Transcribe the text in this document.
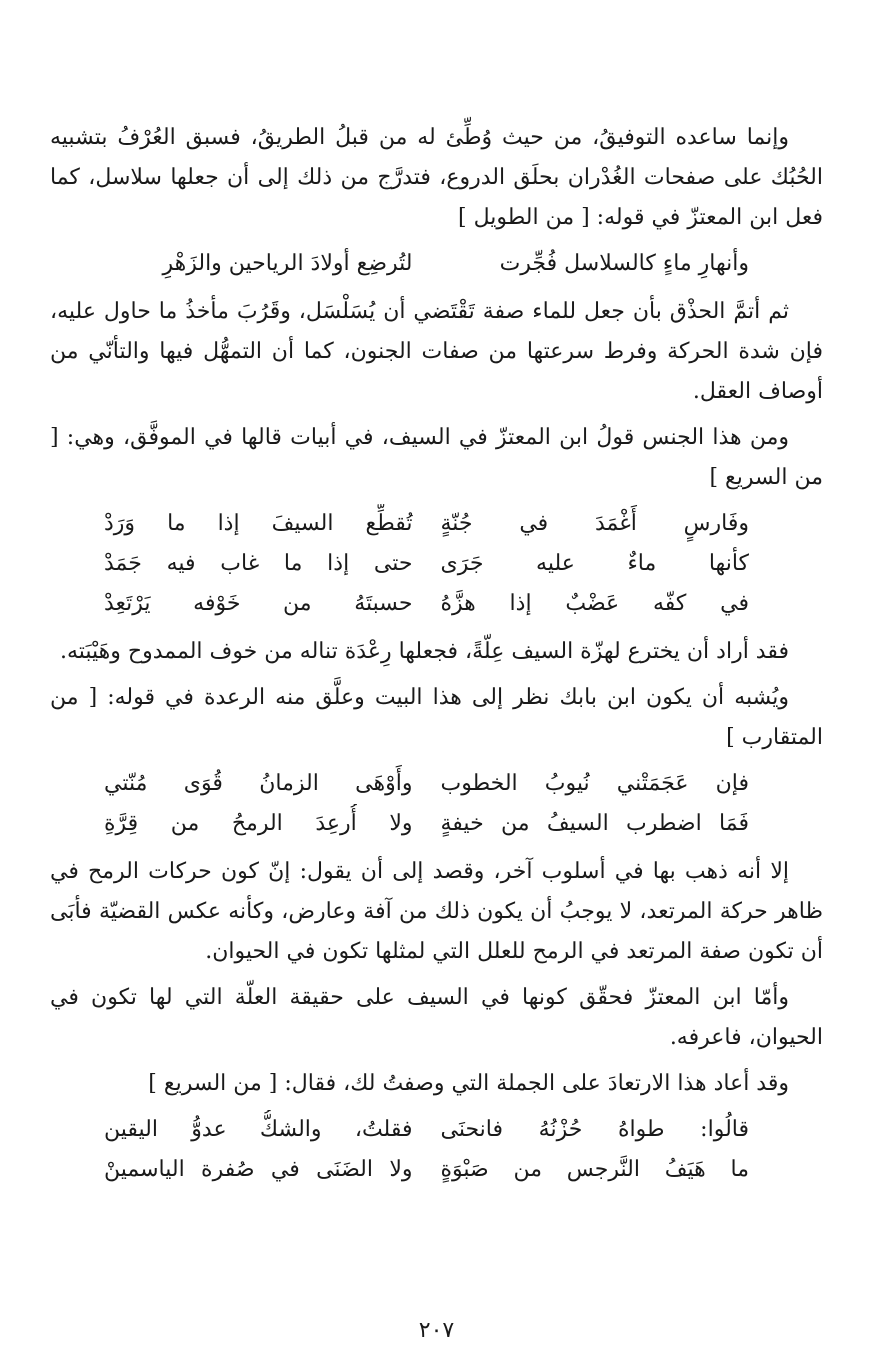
وإنما ساعده التوفيقُ، من حيث وُطِّئ له من قبلُ الطريقُ، فسبق العُرْفُ بتشبيه الحُبُك على صفحات الغُدْران بحلَق الدروع، فتدرَّج من ذلك إلى أن جعلها سلاسل، كما فعل ابن المعتزّ في قوله: [ من الطويل ]

وأنهارِ ماءٍ كالسلاسل فُجِّرت
لتُرضِع أولادَ الرياحين والزَهْرِ

ثم أتمَّ الحذْق بأن جعل للماء صفة تَقْتَضي أن يُسَلْسَل، وقَرُبَ مأخذُ ما حاول عليه، فإن شدة الحركة وفرط سرعتها من صفات الجنون، كما أن التمهُّل فيها والتأنّي من أوصاف العقل.

ومن هذا الجنس قولُ ابن المعتزّ في السيف، في أبيات قالها في الموفَّق، وهي: [ من السريع ]

وفَارسٍ أَغْمَدَ في جُنّةٍ
تُقطِّع السيفَ إذا ما وَرَدْ
كأنها ماءٌ عليه جَرَى
حتى إذا ما غاب فيه جَمَدْ
في كفّه عَضْبٌ إذا هزَّهُ
حسبتَهُ من خَوْفه يَرْتَعِدْ

فقد أراد أن يخترع لهزّة السيف عِلّةً، فجعلها رِعْدَة تناله من خوف الممدوح وهَيْبَته.

ويُشبه أن يكون ابن بابك نظر إلى هذا البيت وعلَّق منه الرعدة في قوله: [ من المتقارب ]

فإن عَجَمَتْني نُيوبُ الخطوب
وأَوْهَى الزمانُ قُوَى مُنّتي
فَمَا اضطرب السيفُ من خيفةٍ
ولا أُرعِدَ الرمحُ من قِرَّةِ

إلا أنه ذهب بها في أسلوب آخر، وقصد إلى أن يقول: إنّ كون حركات الرمح في ظاهر حركة المرتعد، لا يوجبُ أن يكون ذلك من آفة وعارض، وكأنه عكس القضيّة فأبَى أن تكون صفة المرتعد في الرمح للعلل التي لمثلها تكون في الحيوان.

وأمّا ابن المعتزّ فحقّق كونها في السيف على حقيقة العلّة التي لها تكون في الحيوان، فاعرفه.

وقد أعاد هذا الارتعادَ على الجملة التي وصفتُ لك، فقال: [ من السريع ]

قالُوا: طواهُ حُزْنُهُ فانحنَى
فقلتُ، والشكُّ عدوُّ اليقين
ما هَيَفُ النَّرجس من صَبْوَةٍ
ولا الضَنَى في صُفرة الياسمينْ
٢٠٧
